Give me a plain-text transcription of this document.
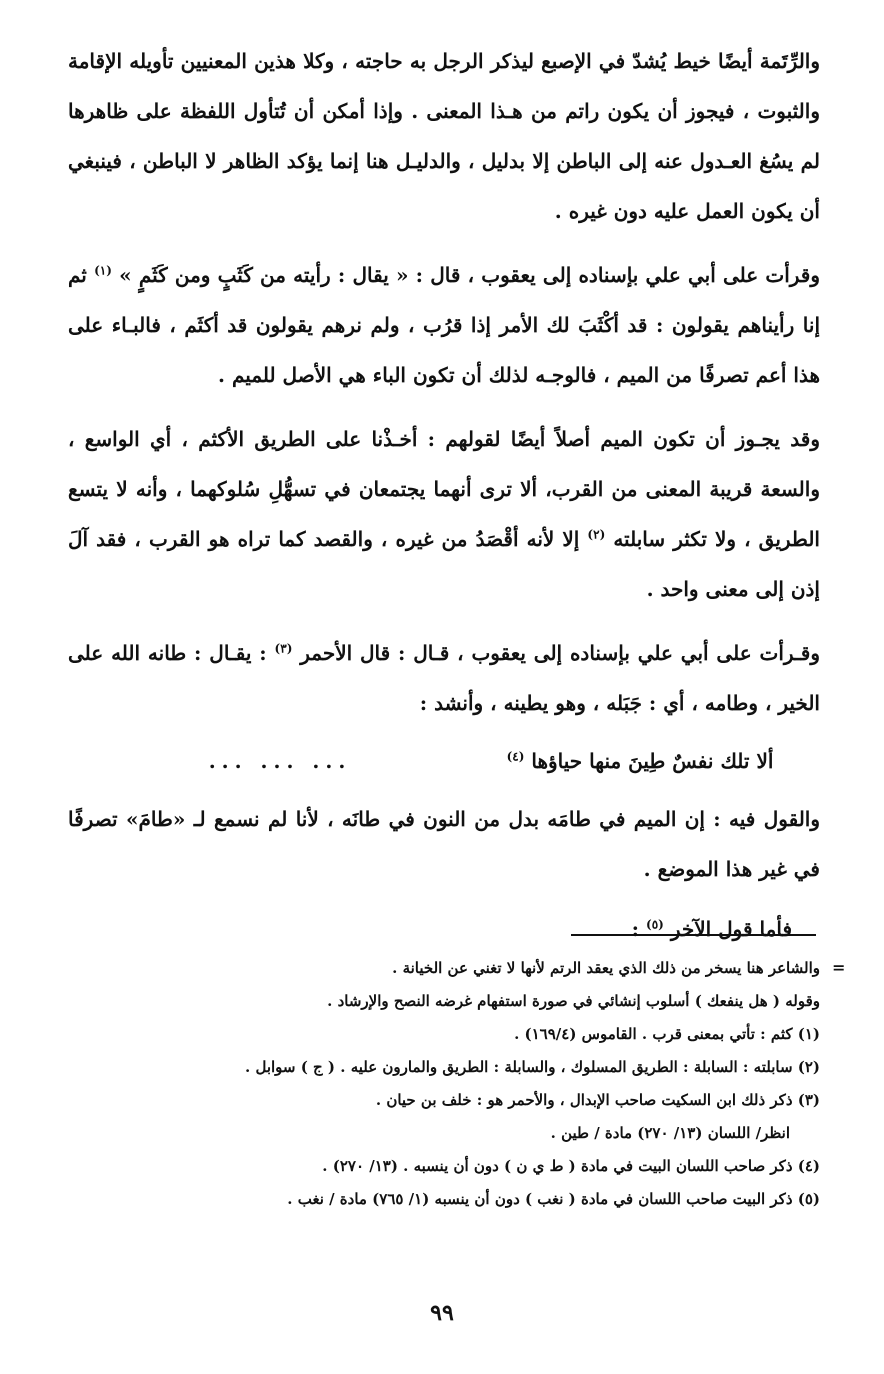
والرِّتَمة أيضًا خيط يُشدّ في الإصبع ليذكر الرجل به حاجته ، وكلا هذين المعنيين تأويله الإقامة والثبوت ، فيجوز أن يكون راتم من هـذا المعنى . وإذا أمكن أن تُتأول اللفظة على ظاهرها لم يسُغ العـدول عنه إلى الباطن إلا بدليل ، والدليـل هنا إنما يؤكد الظاهر لا الباطن ، فينبغي أن يكون العمل عليه دون غيره .

وقرأت على أبي علي بإسناده إلى يعقوب ، قال : « يقال : رأيته من كَثَبٍ ومن كَثَمٍ » $^{(١)}$ ثم إنا رأيناهم يقولون : قد أكْثَبَ لك الأمر إذا قرُب ، ولم نرهم يقولون قد أكثَم ، فالبـاء على هذا أعم تصرفًا من الميم ، فالوجـه لذلك أن تكون الباء هي الأصل للميم .

وقد يجـوز أن تكون الميم أصلاً أيضًا لقولهم : أخـذْنا على الطريق الأكثم ، أي الواسع ، والسعة قريبة المعنى من القرب، ألا ترى أنهما يجتمعان في تسهُّلِ سُلوكهما ، وأنه لا يتسع الطريق ، ولا تكثر سابلته $^{(٢)}$ إلا لأنه أقْصَدُ من غيره ، والقصد كما تراه هو القرب ، فقد آلَ إذن إلى معنى واحد .

وقـرأت على أبي علي بإسناده إلى يعقوب ، قـال : قال الأحمر $^{(٣)}$ : يقـال : طانه الله على الخير ، وطامه ، أي : جَبَله ، وهو يطينه ، وأنشد :

ألا تلك نفسٌ طِينَ منها حياؤها $^{(٤)}$
... ... ...

والقول فيه : إن الميم في طامَه بدل من النون في طانَه ، لأنا لم نسمع لـ «طامَ» تصرفًا في غير هذا الموضع .

فأما قول الآخر $^{(٥)}$ :
=

والشاعر هنا يسخر من ذلك الذي يعقد الرتم لأنها لا تغني عن الخيانة .

وقوله ( هل ينفعك ) أسلوب إنشائي في صورة استفهام غرضه النصح والإرشاد .

(١) كثم : تأتي بمعنى قرب . القاموس (١٦٩/٤) .

(٢) سابلته : السابلة : الطريق المسلوك ، والسابلة : الطريق والمارون عليه . ( ج ) سوابل .

(٣) ذكر ذلك ابن السكيت صاحب الإبدال ، والأحمر هو : خلف بن حيان .

انظر/ اللسان (١٣/ ٢٧٠) مادة / طين .

(٤) ذكر صاحب اللسان البيت في مادة ( ط ي ن ) دون أن ينسبه . (١٣/ ٢٧٠) .

(٥) ذكر البيت صاحب اللسان في مادة ( نغب ) دون أن ينسبه (١/ ٧٦٥) مادة / نغب .

٩٩
